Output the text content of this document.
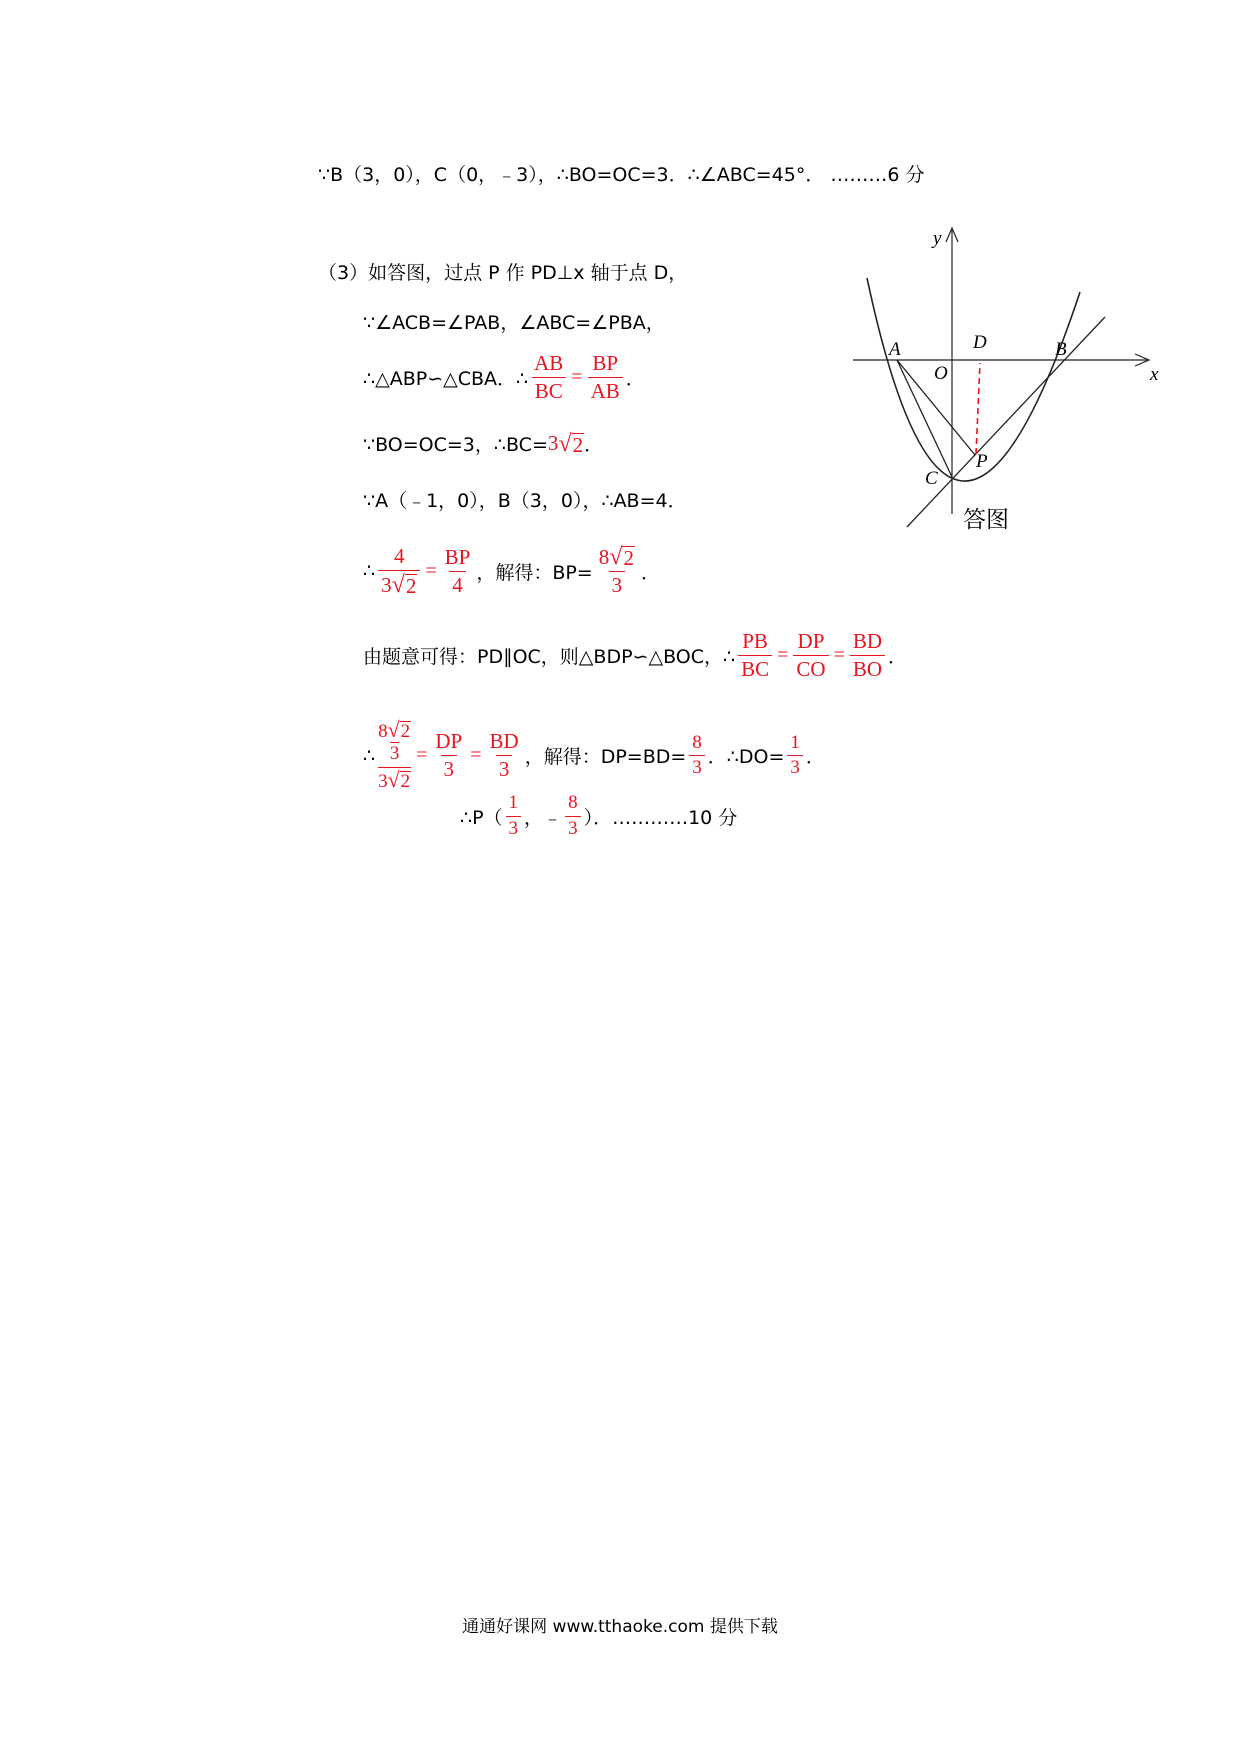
∵B（3，0），C（0，﹣3），∴BO=OC=3．∴∠ABC=45°． ………6 分
（3）如答图，过点 P 作 PD⊥x 轴于点 D，
∵∠ACB=∠PAB，∠ABC=∠PBA，
∴△ABP∽△CBA．∴ $\frac{AB}{BC} = \frac{BP}{AB}$ ．
∵BO=OC=3，∴BC= 3 √ 2 ．
∵A（﹣1，0），B（3，0），∴AB=4．
∴ $\frac{4}{3 √ 2} = \frac{BP}{4}$ ，解得：$BP= \frac{8 √ 2}{3}$ ．
由题意可得：PD∥OC，则△BDP∽△BOC，∴ $\frac{PB}{BC} = \frac{DP}{CO} = \frac{BD}{BO}$ ．
∴ $\frac{\frac{8 √ 2}{3}}{3 √ 2} = \frac{DP}{3} = \frac{BD}{3}$ ，解得：$DP=BD= \frac{8}{3}$ ．∴DO= $\frac{1}{3}$ ．
∴P（ $\frac{1}{3}$ ，﹣ $\frac{8}{3}$ ）．…………10 分
y
x
A
O
D	B
P
C
答图
通通好课网 www.tthaoke.com 提供下载
